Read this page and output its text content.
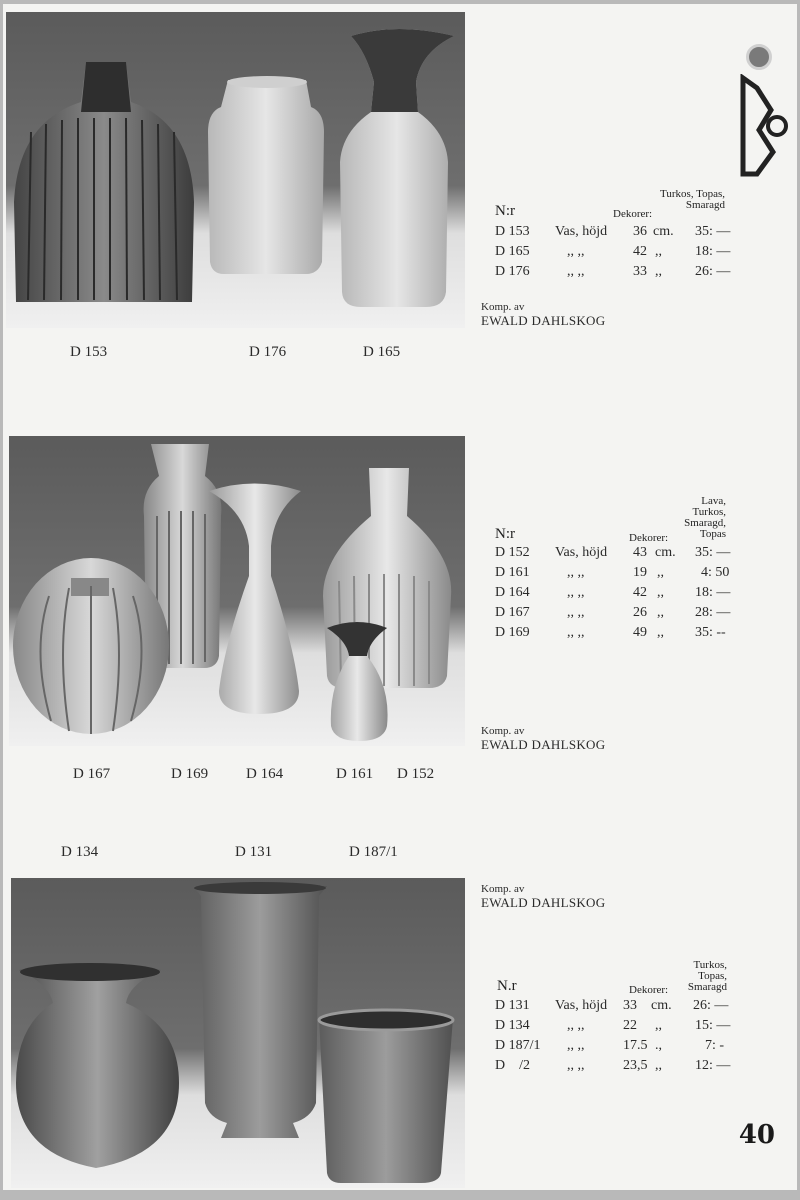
D 153	D 176	D 165
Turkos, Topas,
Smaragd
N:r	Dekorer:
D 153 Vas, höjd 36 cm. 35: —
D 165	,, ,,	42 ,, 18: —
D 176	,, ,,	33 ,, 26: —
Komp. av
EWALD DAHLSKOG
D 167	D 169	D 164	D 161 D 152
Lava,
Turkos,
Smaragd,
Topas
N:r	Dekorer:
D 152 Vas, höjd 43 cm. 35: —
D 161	,, ,,	19 ,,	4: 50
D 164	,, ,,	42 ,, 18: —
D 167	,, ,,	26 ,, 28: —
D 169	,, ,,	49 ,, 35: --
Komp. av
EWALD DAHLSKOG
D 134	D 131	D 187/1
Komp. av
EWALD DAHLSKOG
Turkos,
Topas,
Smaragd
N.r	Dekorer:
D 131 Vas, höjd 33 cm. 26: —
D 134	,, ,,	22 ,, 15: —
D 187/1 ,, ,,	17.5 .,	7: -
D    /2	,, ,,	23,5 ,, 12: —
40
